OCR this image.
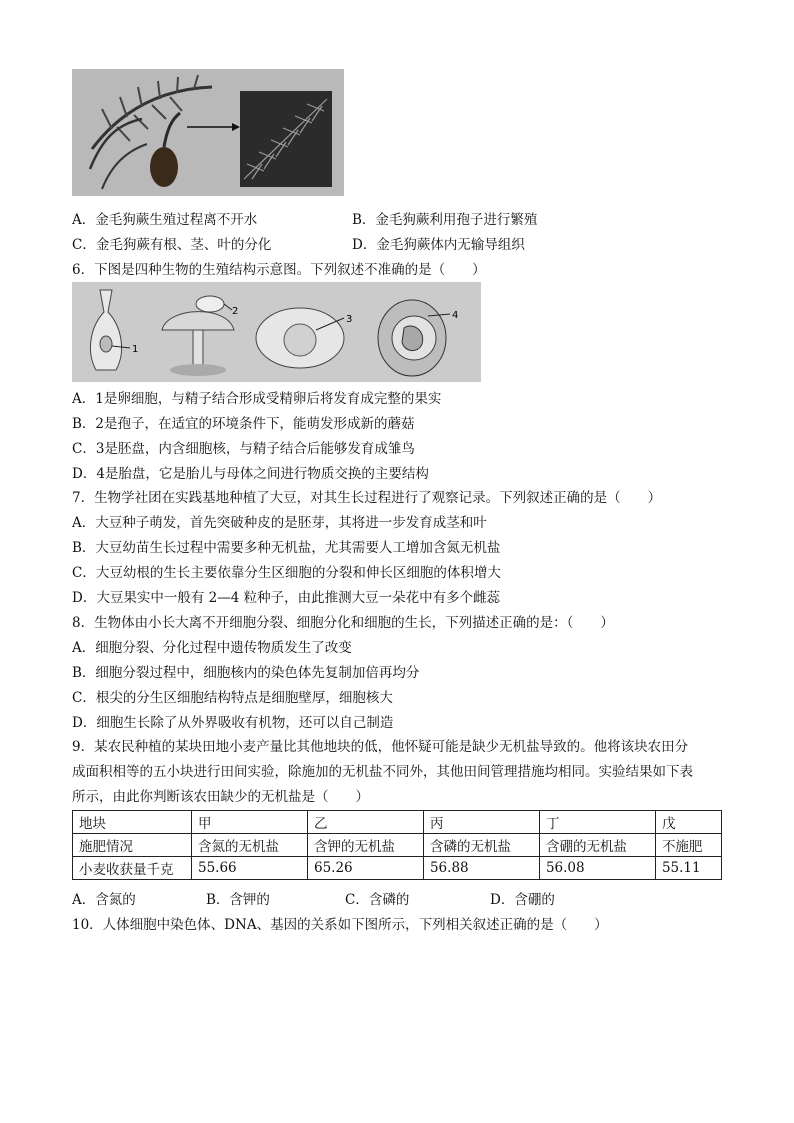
A．金毛狗蕨生殖过程离不开水	B．金毛狗蕨利用孢子进行繁殖
C．金毛狗蕨有根、茎、叶的分化	D．金毛狗蕨体内无输导组织
6．下图是四种生物的生殖结构示意图。下列叙述不准确的是（　　）
1
2
3	4
A．1是卵细胞，与精子结合形成受精卵后将发育成完整的果实
B．2是孢子，在适宜的环境条件下，能萌发形成新的蘑菇
C．3是胚盘，内含细胞核，与精子结合后能够发育成雏鸟
D．4是胎盘，它是胎儿与母体之间进行物质交换的主要结构
7．生物学社团在实践基地种植了大豆，对其生长过程进行了观察记录。下列叙述正确的是（　　）
A．大豆种子萌发，首先突破种皮的是胚芽，其将进一步发育成茎和叶
B．大豆幼苗生长过程中需要多种无机盐，尤其需要人工增加含氮无机盐
C．大豆幼根的生长主要依靠分生区细胞的分裂和伸长区细胞的体积增大
D．大豆果实中一般有 2—4 粒种子，由此推测大豆一朵花中有多个雌蕊
8．生物体由小长大离不开细胞分裂、细胞分化和细胞的生长，下列描述正确的是：（　　）
A．细胞分裂、分化过程中遗传物质发生了改变
B．细胞分裂过程中，细胞核内的染色体先复制加倍再均分
C．根尖的分生区细胞结构特点是细胞壁厚，细胞核大
D．细胞生长除了从外界吸收有机物，还可以自己制造
9．某农民种植的某块田地小麦产量比其他地块的低，他怀疑可能是缺少无机盐导致的。他将该块农田分
成面积相等的五小块进行田间实验，除施加的无机盐不同外，其他田间管理措施均相同。实验结果如下表
所示，由此你判断该农田缺少的无机盐是（　　）
地块	甲	乙	丙	丁	戊
施肥情况	含氮的无机盐	含钾的无机盐	含磷的无机盐	含硼的无机盐	不施肥
小麦收获量千克	55.66	65.26	56.88	56.08	55.11
A．含氮的	B．含钾的	C．含磷的	D．含硼的
10．人体细胞中染色体、DNA、基因的关系如下图所示，下列相关叙述正确的是（　　）
